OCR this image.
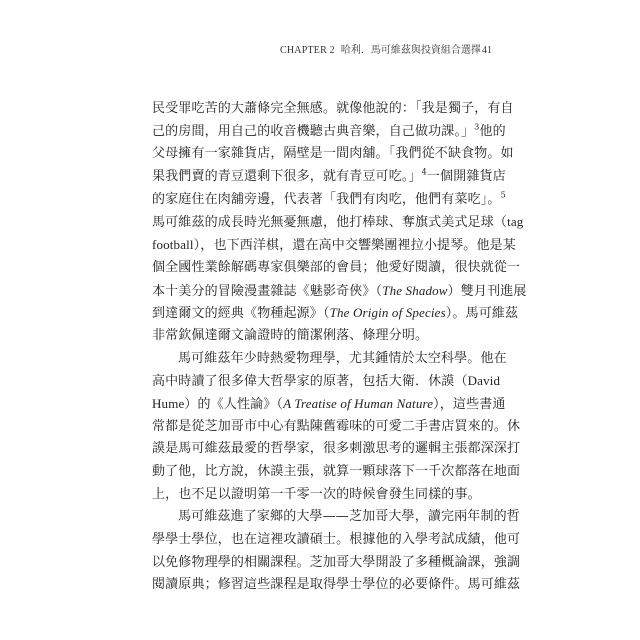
CHAPTER 2 哈利．馬可維茲與投資組合選擇 41
民受罪吃苦的大蕭條完全無感。就像他說的：「我是獨子，有自
己的房間，用自己的收音機聽古典音樂，自己做功課。」$^3$他的
父母擁有一家雜貨店，隔壁是一間肉舖。「我們從不缺食物。如
果我們賣的青豆還剩下很多，就有青豆可吃。」$^4$一個開雜貨店
的家庭住在肉舖旁邊，代表著「我們有肉吃，他們有菜吃」。$^5$
馬可維茲的成長時光無憂無慮，他打棒球、奪旗式美式足球（tag
football），也下西洋棋，還在高中交響樂團裡拉小提琴。他是某
個全國性業餘解碼專家俱樂部的會員；他愛好閱讀，很快就從一
本十美分的冒險漫畫雜誌《魅影奇俠》（The Shadow）雙月刊進展
到達爾文的經典《物種起源》（The Origin of Species）。馬可維茲
非常欽佩達爾文論證時的簡潔俐落、條理分明。
馬可維茲年少時熱愛物理學，尤其鍾情於太空科學。他在
高中時讀了很多偉大哲學家的原著，包括大衛．休謨（David
Hume）的《人性論》（A Treatise of Human Nature），這些書通
常都是從芝加哥市中心有點陳舊霉味的可愛二手書店買來的。休
謨是馬可維茲最愛的哲學家，很多刺激思考的邏輯主張都深深打
動了他，比方說，休謨主張，就算一顆球落下一千次都落在地面
上，也不足以證明第一千零一次的時候會發生同樣的事。
馬可維茲進了家鄉的大學——芝加哥大學，讀完兩年制的哲
學學士學位，也在這裡攻讀碩士。根據他的入學考試成績，他可
以免修物理學的相關課程。芝加哥大學開設了多種概論課，強調
閱讀原典；修習這些課程是取得學士學位的必要條件。馬可維茲
